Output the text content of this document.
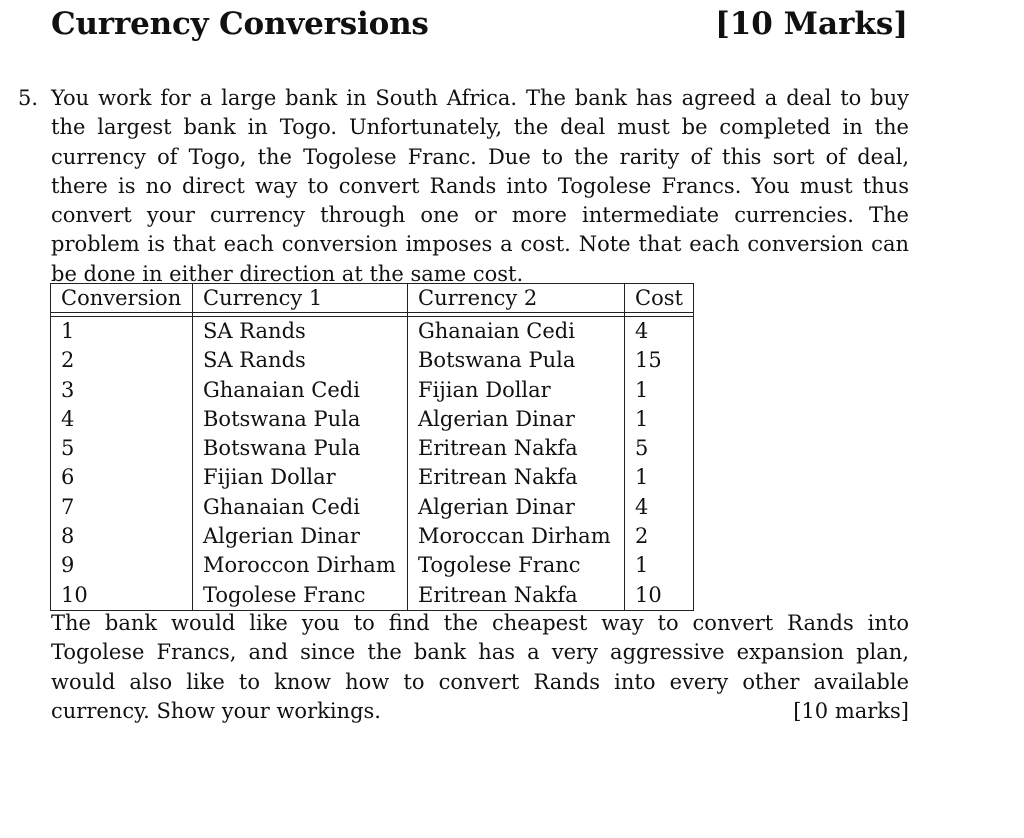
Currency Conversions	[10 Marks]
5. You work for a large bank in South Africa. The bank has agreed a deal to buy the largest bank in Togo. Unfortunately, the deal must be completed in the currency of Togo, the Togolese Franc. Due to the rarity of this sort of deal, there is no direct way to convert Rands into Togolese Francs. You must thus convert your currency through one or more intermediate currencies. The problem is that each conversion imposes a cost. Note that each conversion can be done in either direction at the same cost.
Conversion	Currency 1	Currency 2	Cost

1	SA Rands	Ghanaian Cedi	4
2	SA Rands	Botswana Pula	15
3	Ghanaian Cedi	Fijian Dollar	1
4	Botswana Pula	Algerian Dinar	1
5	Botswana Pula	Eritrean Nakfa	5
6	Fijian Dollar	Eritrean Nakfa	1
7	Ghanaian Cedi	Algerian Dinar	4
8	Algerian Dinar	Moroccan Dirham	2
9	Moroccon Dirham	Togolese Franc	1
10	Togolese Franc	Eritrean Nakfa	10
The bank would like you to find the cheapest way to convert Rands into Togolese Francs, and since the bank has a very aggressive expansion plan, would also like to know how to convert Rands into every other available currency. Show your workings.	[10 marks]
